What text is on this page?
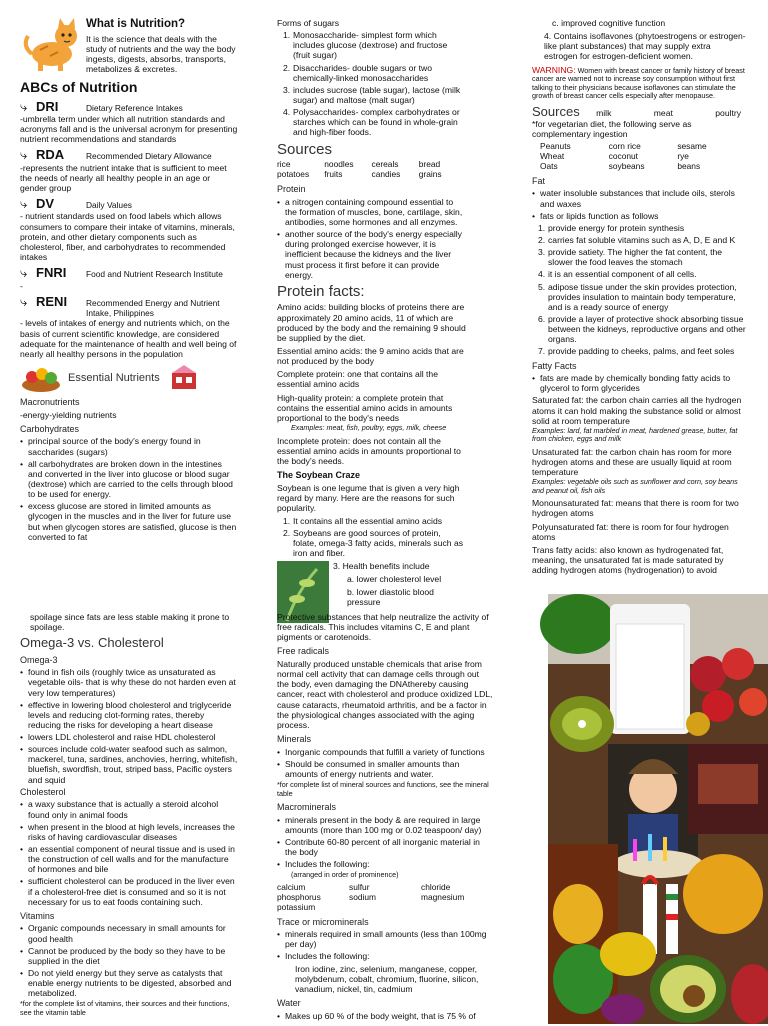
What is Nutrition?

It is the science that deals with the study of nutrients and the way the body ingests, digests, absorbs, transports, metabolizes & excretes.

ABCs of Nutrition
⤷ DRI	Dietary Reference Intakes

-umbrella term under which all nutrition standards and acronyms fall and is the universal acronym for presenting nutrient recommendations and standards

⤷ RDA	Recommended Dietary Allowance

-represents the nutrient intake that is sufficient to meet the needs of nearly all healthy people in an age or gender group

⤷ DV	Daily Values

- nutrient standards used on food labels which allows consumers to compare their intake of vitamins, minerals, protein, and other dietary components such as cholesterol, fiber, and carbohydrates to recommended intakes

⤷ FNRI	Food and Nutrient Research Institute

-

⤷ RENI	Recommended Energy and Nutrient Intake, Philippines

- levels of intakes of energy and nutrients which, on the basis of current scientific knowledge, are considered adequate for the maintenance of health and well being of nearly all healthy persons in the population

Essential Nutrients
Macronutrients

-energy-yielding nutrients

Carbohydrates
• principal source of the body's energy found in saccharides (sugars)
• all carbohydrates are broken down in the intestines and converted in the liver into glucose or blood sugar (dextrose) which are carried to the cells through blood to be used for energy.
• excess glucose are stored in limited amounts as glycogen in the muscles and in the liver for future use but when glycogen stores are satisfied, glucose is then converted to fat
Forms of sugars
1. Monosaccharide- simplest form which includes glucose (dextrose) and fructose (fruit sugar)
2. Disaccharides- double sugars or two chemically-linked monosaccharides
3. includes sucrose (table sugar), lactose (milk sugar) and maltose (malt sugar)
4. Polysaccharides- complex carbohydrates or starches which can be found in whole-grain and high-fiber foods.
Sources
rice	noodles	cereals	bread
potatoes	fruits	candies	grains
Protein
• a nitrogen containing compound essential to the formation of muscles, bone, cartilage, skin, antibodies, some hormones and all enzymes.
• another source of the body's energy especially during prolonged exercise however, it is inefficient because the kidneys and the liver must process it first before it can provide energy.
Protein facts:

Amino acids: building blocks of proteins there are approximately 20 amino acids, 11 of which are produced by the body and the remaining 9 should be supplied by the diet.

Essential amino acids: the 9 amino acids that are not produced by the body

Complete protein: one that contains all the essential amino acids

High-quality protein: a complete protein that contains the essential amino acids in amounts proportional to the body's needs

Examples: meat, fish, poultry, eggs, milk, cheese

Incomplete protein: does not contain all the essential amino acids in amounts proportional to the body's needs.

The Soybean Craze

Soybean is one legume that is given a very high regard by many. Here are the reasons for such popularity.

1. It contains all the essential amino acids
2. Soybeans are good sources of protein, folate, omega-3 fatty acids, minerals such as iron and fiber.

3. Health benefits include

a. lower cholesterol level

b. lower diastolic blood pressure

c. improved cognitive function

4. Contains isoflavones (phytoestrogens or estrogen-like plant substances) that may supply extra estrogen for estrogen-deficient women.

WARNING: Women with breast cancer or family history of breast cancer are warned not to increase soy consumption without first talking to their physicians because isoflavones can stimulate the growth of breast cancer cells especially after menopause.

Sources milk	meat	poultry

*for vegetarian diet, the following serve as complementary ingestion

Peanuts	corn rice	sesame
Wheat	coconut	rye
Oats	soybeans	beans
Fat
• water insoluble substances that include oils, sterols and waxes
• fats or lipids function as follows
1. provide energy for protein synthesis
2. carries fat soluble vitamins such as A, D, E and K
3. provide satiety. The higher the fat content, the slower the food leaves the stomach
4. it is an essential component of all cells.
5. adipose tissue under the skin provides protection, provides insulation to maintain body temperature, and is a ready source of energy
6. provide a layer of protective shock absorbing tissue between the kidneys, reproductive organs and other organs.
7. provide padding to cheeks, palms, and feet soles
Fatty Facts
• fats are made by chemically bonding fatty acids to glycerol to form glycerides

Saturated fat: the carbon chain carries all the hydrogen atoms it can hold making the substance solid or almost solid at room temperature

Examples: lard, fat marbled in meat, hardened grease, butter, fat from chicken, eggs and milk

Unsaturated fat: the carbon chain has room for more hydrogen atoms and these are usually liquid at room temperature

Examples: vegetable oils such as sunflower and corn, soy beans and peanut oil, fish oils

Monounsaturated fat: means that there is room for two hydrogen atoms

Polyunsaturated fat: there is room for four hydrogen atoms

Trans fatty acids: also known as hydrogenated fat, meaning, the unsaturated fat is made saturated by adding hydrogen atoms (hydrogenation) to avoid

spoilage since fats are less stable making it prone to spoilage.

Omega-3 vs. Cholesterol
Omega-3
• found in fish oils (roughly twice as unsaturated as vegetable oils- that is why these do not harden even at very low temperatures)
• effective in lowering blood cholesterol and triglyceride levels and reducing clot-forming rates, thereby reducing the risks for developing a heart disease
• lowers LDL cholesterol and raise HDL cholesterol
• sources include cold-water seafood such as salmon, mackerel, tuna, sardines, anchovies, herring, whitefish, bluefish, swordfish, trout, striped bass, Pacific oysters and squid
Cholesterol
• a waxy substance that is actually a steroid alcohol found only in animal foods
• when present in the blood at high levels, increases the risks of having cardiovascular diseases
• an essential component of neural tissue and is used in the construction of cell walls and for the manufacture of hormones and bile
• sufficient cholesterol can be produced in the liver even if a cholesterol-free diet is consumed and so it is not necessary for us to eat foods containing such.
Vitamins
• Organic compounds necessary in small amounts for good health
• Cannot be produced by the body so they have to be supplied in the diet
• Do not yield energy but they serve as catalysts that enable energy nutrients to be digested, absorbed and metabolized.

*for the complete list of vitamins, their sources and their functions, see the vitamin table

Protective substances that help neutralize the activity of free radicals. This includes vitamins C, E and plant pigments or carotenoids.

Free radicals

Naturally produced unstable chemicals that arise from normal cell activity that can damage cells through out the body, even damaging the DNAthereby causing cancer, react with cholesterol and produce oxidized LDL, cause cataracts, rheumatoid arthritis, and be a factor in the physiological changes associated with the aging process.

Minerals
• Inorganic compounds that fulfill a variety of functions
• Should be consumed in smaller amounts than amounts of energy nutrients and water.

*for complete list of mineral sources and functions, see the mineral table

Macrominerals
• minerals present in the body & are required in large amounts (more than 100 mg or 0.02 teaspoon/ day)
• Contribute 60-80 percent of all inorganic material in the body
• Includes the following:

(arranged in order of prominence)

calcium	sulfur	chloride
phosphorus	sodium	magnesium
potassium
Trace or microminerals
• minerals required in small amounts (less than 100mg per day)
• Includes the following:

Iron iodine, zinc, selenium, manganese, copper, molybdenum, cobalt, chromium, fluorine, silicon, vanadium, nickel, tin, cadmium

Water
• Makes up 60 % of the body weight, that is 75 % of
